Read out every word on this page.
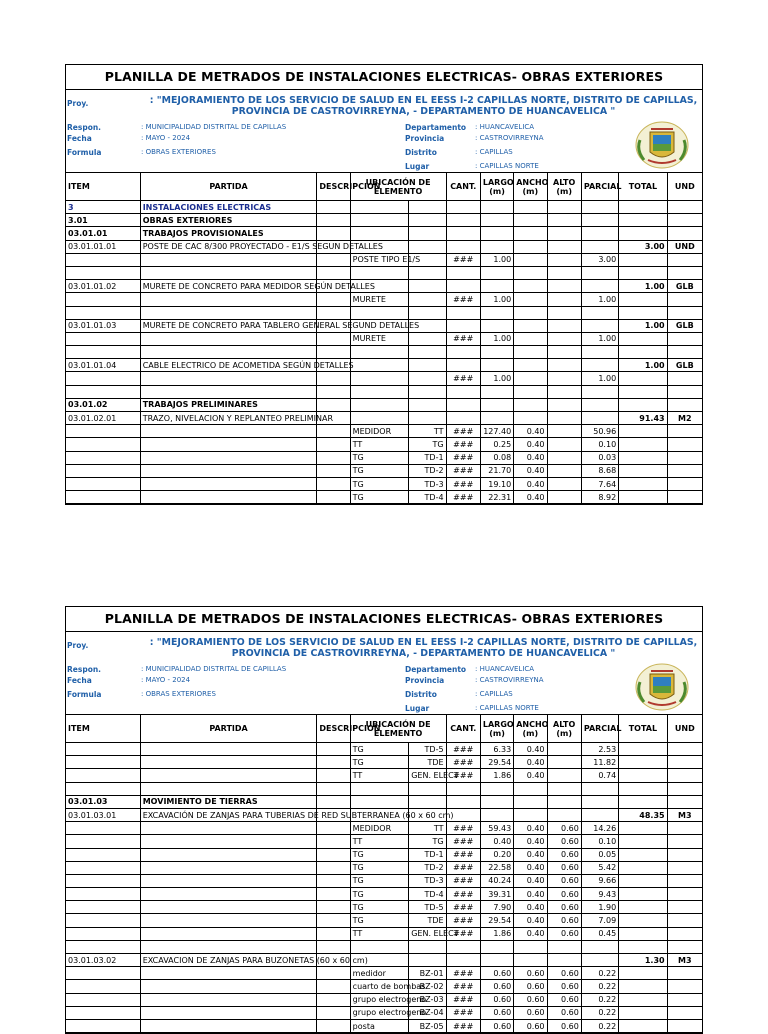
PLANILLA DE METRADOS DE INSTALACIONES ELECTRICAS- OBRAS EXTERIORES
Proy.	: "MEJORAMIENTO DE LOS SERVICIO DE SALUD EN EL EESS I-2 CAPILLAS NORTE, DISTRITO DE CAPILLAS, PROVINCIA DE CASTROVIRREYNA, - DEPARTAMENTO DE HUANCAVELICA "
Respon.	: MUNICIPALIDAD DISTRITAL DE CAPILLAS
Fecha	: MAYO - 2024
Formula	: OBRAS EXTERIORES
Departamento : HUANCAVELICA
Provincia	: CASTROVIRREYNA
Distrito	: CAPILLAS
Lugar	: CAPILLAS NORTE
ITEM	PARTIDA	DESCRIPCION	UBICACIÓN DE ELEMENTO		CANT.	LARGO (m)	ANCHO (m)	ALTO (m)	PARCIAL	TOTAL	UND
3	INSTALACIONES ELECTRICAS										
3.01	OBRAS EXTERIORES										
03.01.01	TRABAJOS PROVISIONALES										
03.01.01.01	POSTE DE CAC 8/300 PROYECTADO - E1/S SEGUN DETALLES									3.00	UND
			POSTE TIPO E1/S		###	1.00			3.00		

03.01.01.02	MURETE DE CONCRETO PARA MEDIDOR SEGÚN DETALLES									1.00	GLB
			MURETE		###	1.00			1.00		

03.01.01.03	MURETE DE CONCRETO PARA TABLERO GENERAL SEGUND DETALLES									1.00	GLB
			MURETE		###	1.00			1.00		

03.01.01.04	CABLE ELECTRICO DE ACOMETIDA SEGÚN DETALLES									1.00	GLB
					###	1.00			1.00		

03.01.02	TRABAJOS PRELIMINARES										
03.01.02.01	TRAZO, NIVELACION Y REPLANTEO PRELIMINAR									91.43	M2
			MEDIDOR	TT	###	127.40	0.40		50.96		
			TT	TG	###	0.25	0.40		0.10		
			TG	TD-1	###	0.08	0.40		0.03		
			TG	TD-2	###	21.70	0.40		8.68		
			TG	TD-3	###	19.10	0.40		7.64		
			TG	TD-4	###	22.31	0.40		8.92		
PLANILLA DE METRADOS DE INSTALACIONES ELECTRICAS- OBRAS EXTERIORES
Proy.	: "MEJORAMIENTO DE LOS SERVICIO DE SALUD EN EL EESS I-2 CAPILLAS NORTE, DISTRITO DE CAPILLAS, PROVINCIA DE CASTROVIRREYNA, - DEPARTAMENTO DE HUANCAVELICA "
Respon.	: MUNICIPALIDAD DISTRITAL DE CAPILLAS
Fecha	: MAYO - 2024
Formula	: OBRAS EXTERIORES
Departamento : HUANCAVELICA
Provincia	: CASTROVIRREYNA
Distrito	: CAPILLAS
Lugar	: CAPILLAS NORTE
ITEM	PARTIDA	DESCRIPCION	UBICACIÓN DE ELEMENTO		CANT.	LARGO (m)	ANCHO (m)	ALTO (m)	PARCIAL	TOTAL	UND
			TG	TD-5	###	6.33	0.40		2.53		
			TG	TDE	###	29.54	0.40		11.82		
			TT	GEN. ELECT	###	1.86	0.40		0.74		

03.01.03	MOVIMIENTO DE TIERRAS										
03.01.03.01	EXCAVACIÓN DE ZANJAS PARA TUBERIAS DE RED SUBTERRANEA (60 x 60 cm)									48.35	M3
			MEDIDOR	TT	###	59.43	0.40	0.60	14.26		
			TT	TG	###	0.40	0.40	0.60	0.10		
			TG	TD-1	###	0.20	0.40	0.60	0.05		
			TG	TD-2	###	22.58	0.40	0.60	5.42		
			TG	TD-3	###	40.24	0.40	0.60	9.66		
			TG	TD-4	###	39.31	0.40	0.60	9.43		
			TG	TD-5	###	7.90	0.40	0.60	1.90		
			TG	TDE	###	29.54	0.40	0.60	7.09		
			TT	GEN. ELECT	###	1.86	0.40	0.60	0.45		

03.01.03.02	EXCAVACION DE ZANJAS PARA BUZONETAS (60 x 60 cm)									1.30	M3
			medidor	BZ-01	###	0.60	0.60	0.60	0.22		
			cuarto de bombas	BZ-02	###	0.60	0.60	0.60	0.22		
			grupo electrogeno	BZ-03	###	0.60	0.60	0.60	0.22		
			grupo electrogeno	BZ-04	###	0.60	0.60	0.60	0.22		
			posta	BZ-05	###	0.60	0.60	0.60	0.22		
